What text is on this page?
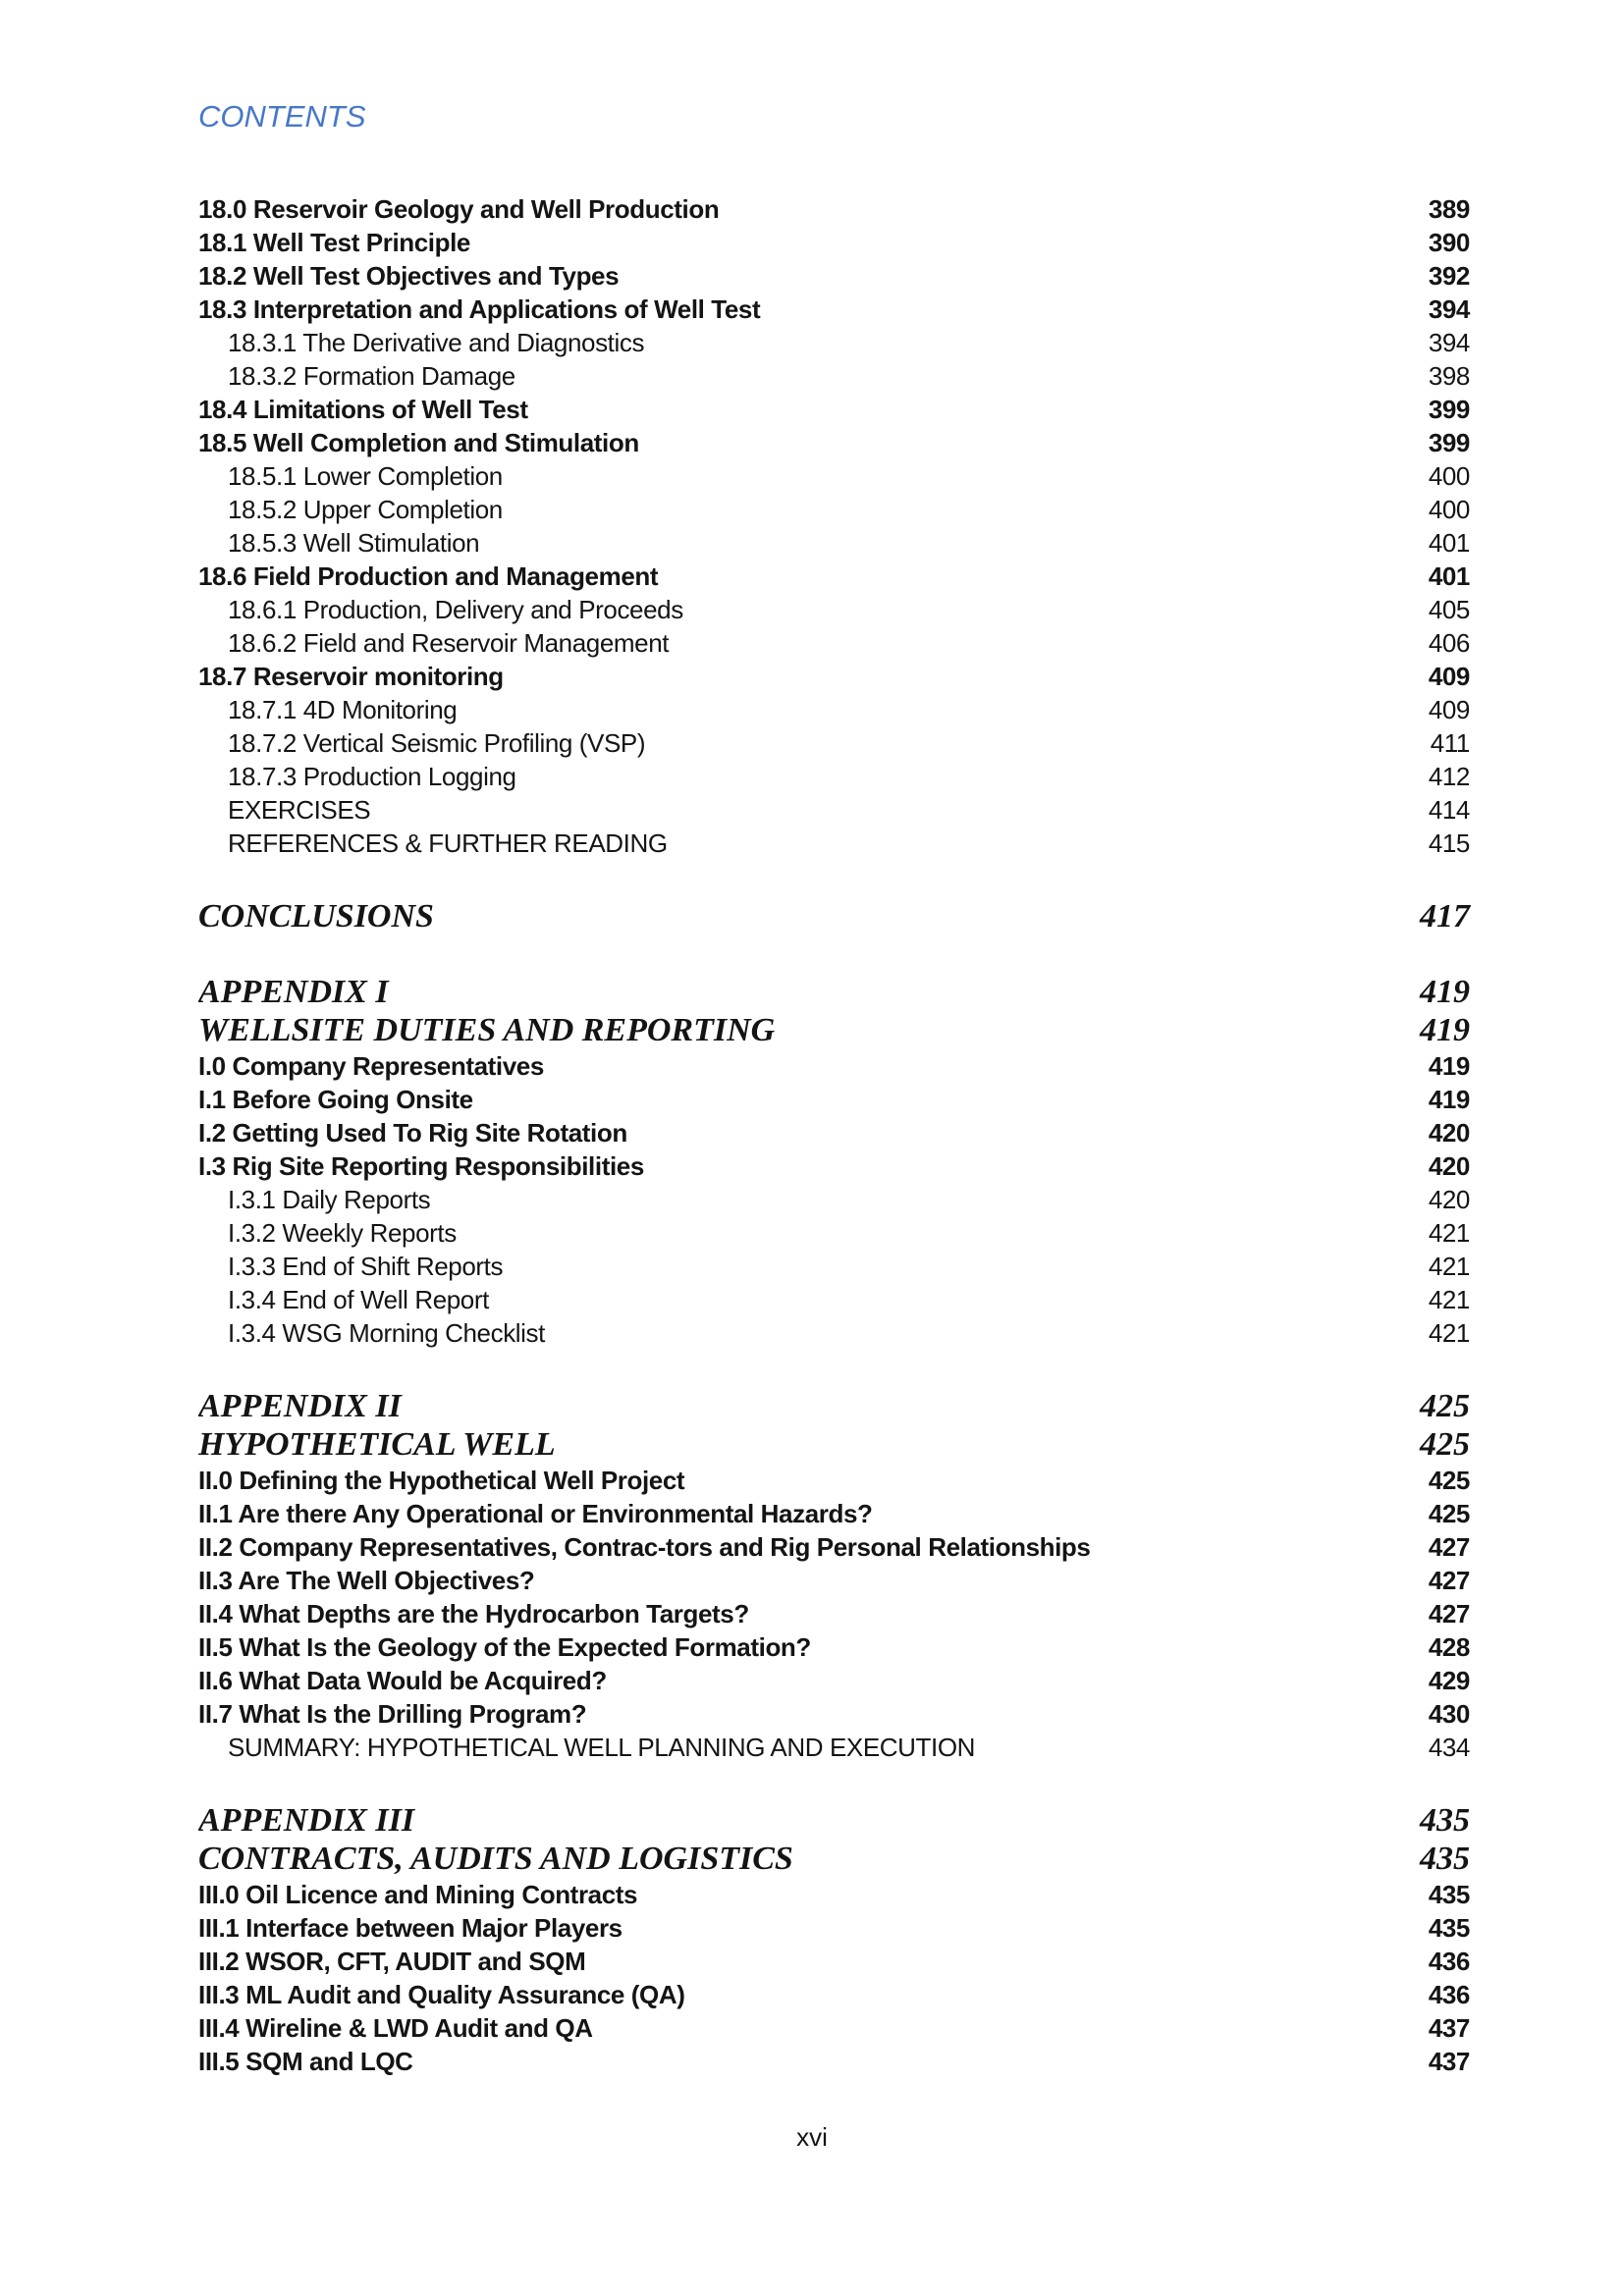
CONTENTS
18.0 Reservoir Geology and Well Production	389
18.1 Well Test Principle	390
18.2 Well Test Objectives and Types	392
18.3 Interpretation and Applications of Well Test	394
18.3.1 The Derivative and Diagnostics	394
18.3.2 Formation Damage	398
18.4 Limitations of Well Test	399
18.5 Well Completion and Stimulation	399
18.5.1 Lower Completion	400
18.5.2 Upper Completion	400
18.5.3 Well Stimulation	401
18.6 Field Production and Management	401
18.6.1 Production, Delivery and Proceeds	405
18.6.2 Field and Reservoir Management	406
18.7 Reservoir monitoring	409
18.7.1 4D Monitoring	409
18.7.2 Vertical Seismic Profiling (VSP)	411
18.7.3 Production Logging	412
EXERCISES	414
REFERENCES & FURTHER READING	415
CONCLUSIONS	417
APPENDIX I	419
WELLSITE DUTIES AND REPORTING	419
I.0 Company Representatives	419
I.1 Before Going Onsite	419
I.2 Getting Used To Rig Site Rotation	420
I.3 Rig Site Reporting Responsibilities	420
I.3.1 Daily Reports	420
I.3.2 Weekly Reports	421
I.3.3 End of Shift Reports	421
I.3.4 End of Well Report	421
I.3.4 WSG Morning Checklist	421
APPENDIX II	425
HYPOTHETICAL WELL	425
II.0 Defining the Hypothetical Well Project	425
II.1 Are there Any Operational or Environmental Hazards?	425
II.2 Company Representatives, Contrac-tors and Rig Personal Relationships	427
II.3 Are The Well Objectives?	427
II.4 What Depths are the Hydrocarbon Targets?	427
II.5 What Is the Geology of the Expected Formation?	428
II.6 What Data Would be Acquired?	429
II.7 What Is the Drilling Program?	430
SUMMARY: HYPOTHETICAL WELL PLANNING AND EXECUTION	434
APPENDIX III	435
CONTRACTS, AUDITS AND LOGISTICS	435
III.0 Oil Licence and Mining Contracts	435
III.1 Interface between Major Players	435
III.2 WSOR, CFT, AUDIT and SQM	436
III.3 ML Audit and Quality Assurance (QA)	436
III.4 Wireline & LWD Audit and QA	437
III.5 SQM and LQC	437
xvi
